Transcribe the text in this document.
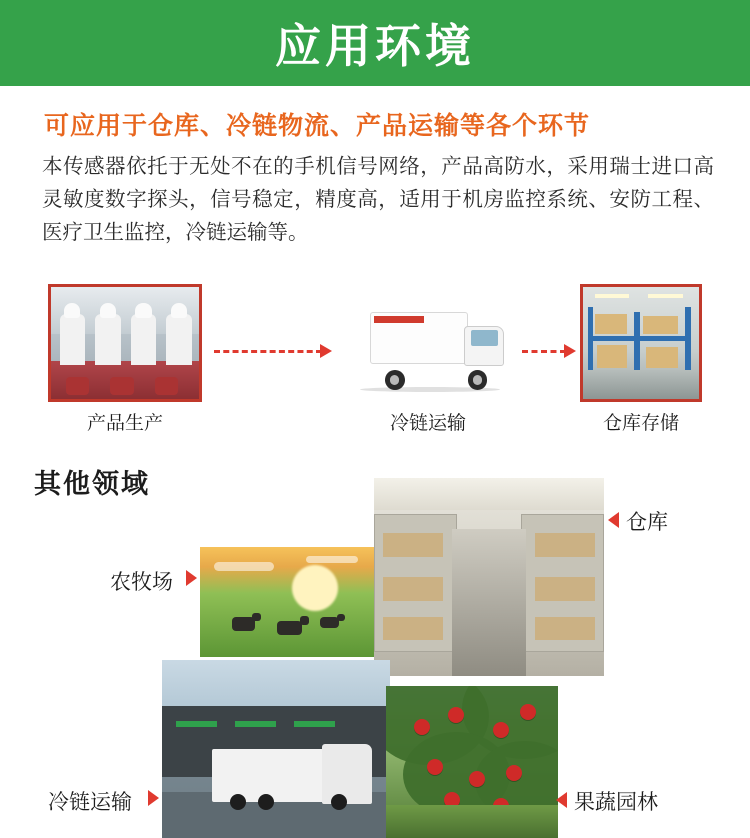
应用环境
可应用于仓库、冷链物流、产品运输等各个环节
本传感器依托于无处不在的手机信号网络，产品高防水，采用瑞士进口高灵敏度数字探头，信号稳定，精度高，适用于机房监控系统、安防工程、医疗卫生监控，冷链运输等。
产品生产	冷链运输	仓库存储
其他领域
农牧场
仓库
冷链运输	果蔬园林
